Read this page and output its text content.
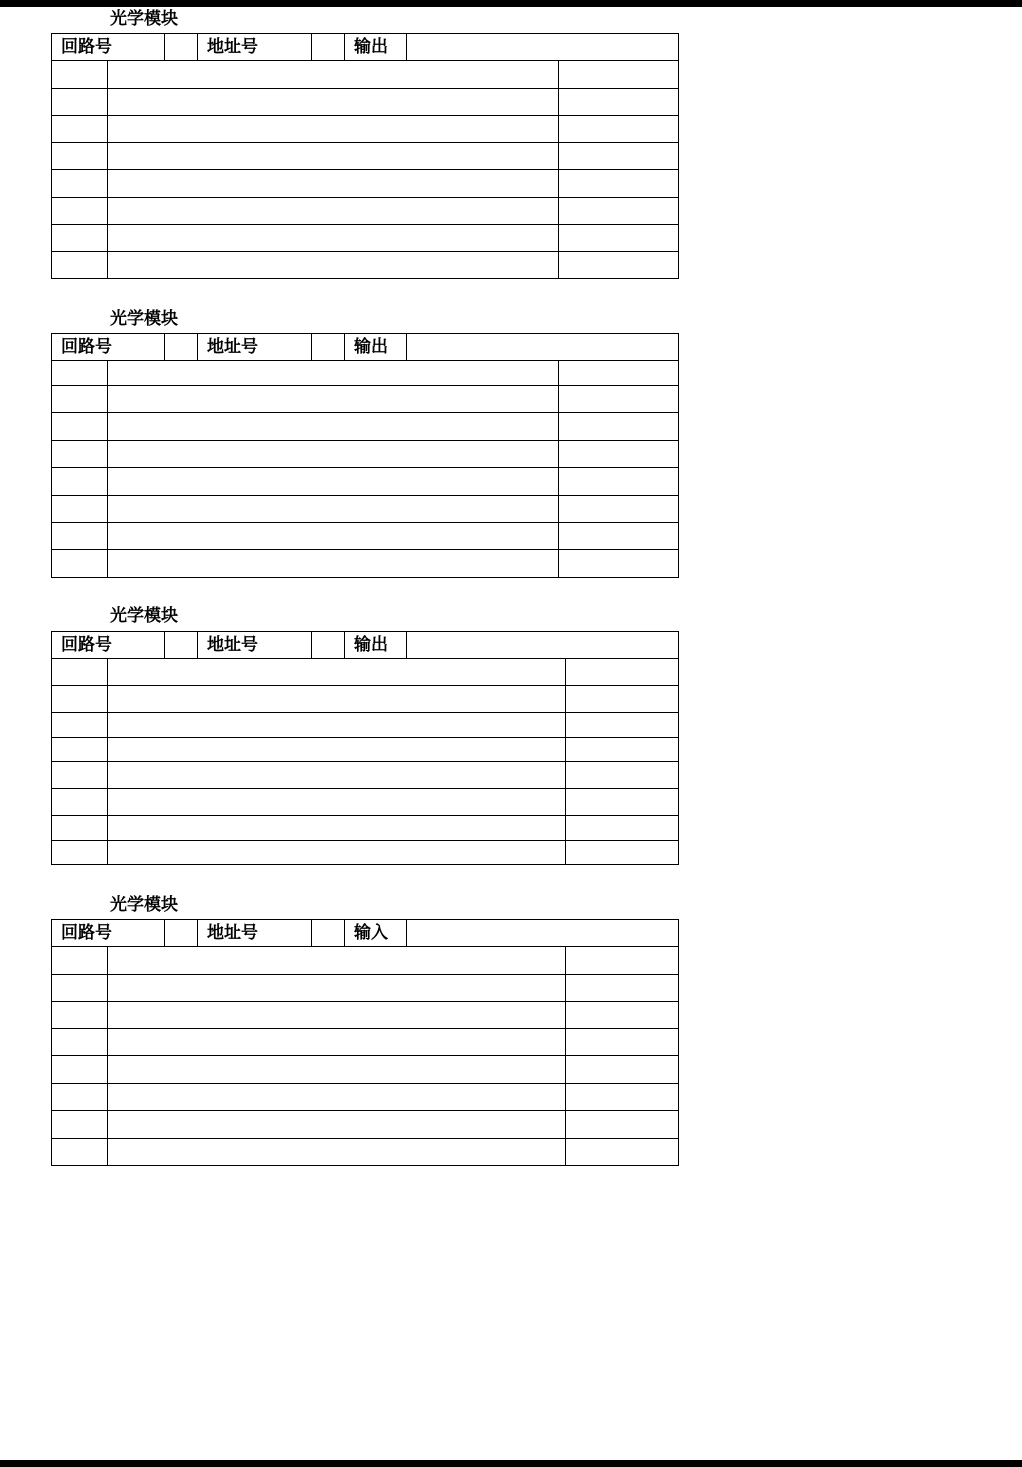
光学模块
回路号			地址号		输出		

光学模块
回路号			地址号		输出		

光学模块
回路号			地址号		输出		

光学模块
回路号			地址号		输入		
